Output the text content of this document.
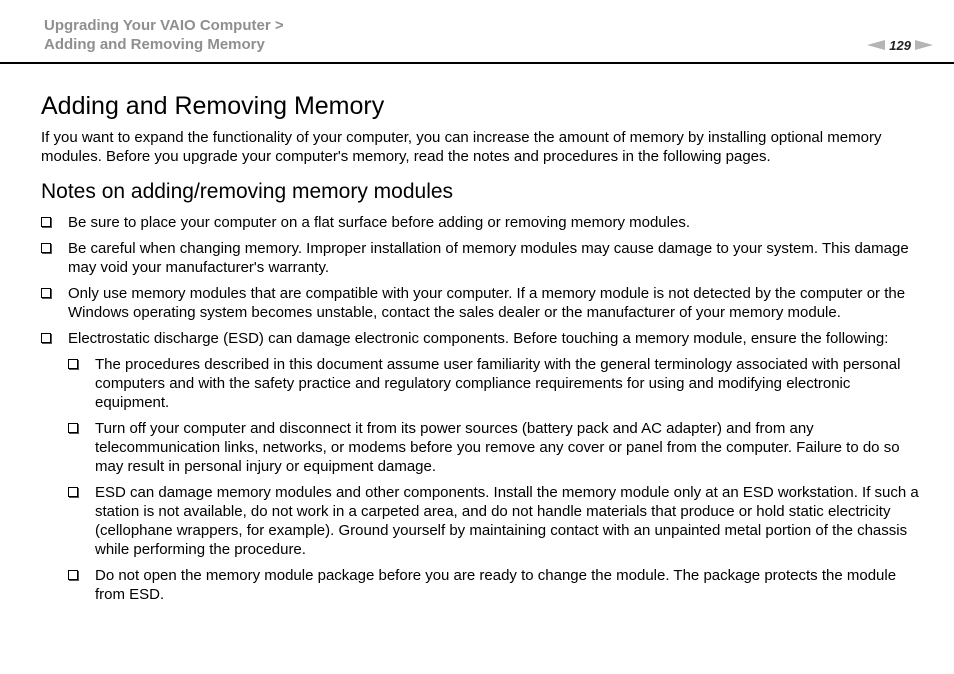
Upgrading Your VAIO Computer >
Adding and Removing Memory	129
Adding and Removing Memory

If you want to expand the functionality of your computer, you can increase the amount of memory by installing optional memory modules. Before you upgrade your computer's memory, read the notes and procedures in the following pages.

Notes on adding/removing memory modules
Be sure to place your computer on a flat surface before adding or removing memory modules.
Be careful when changing memory. Improper installation of memory modules may cause damage to your system. This damage may void your manufacturer's warranty.
Only use memory modules that are compatible with your computer. If a memory module is not detected by the computer or the Windows operating system becomes unstable, contact the sales dealer or the manufacturer of your memory module.
Electrostatic discharge (ESD) can damage electronic components. Before touching a memory module, ensure the following:
The procedures described in this document assume user familiarity with the general terminology associated with personal computers and with the safety practice and regulatory compliance requirements for using and modifying electronic equipment.
Turn off your computer and disconnect it from its power sources (battery pack and AC adapter) and from any telecommunication links, networks, or modems before you remove any cover or panel from the computer. Failure to do so may result in personal injury or equipment damage.
ESD can damage memory modules and other components. Install the memory module only at an ESD workstation. If such a station is not available, do not work in a carpeted area, and do not handle materials that produce or hold static electricity (cellophane wrappers, for example). Ground yourself by maintaining contact with an unpainted metal portion of the chassis while performing the procedure.
Do not open the memory module package before you are ready to change the module. The package protects the module from ESD.
